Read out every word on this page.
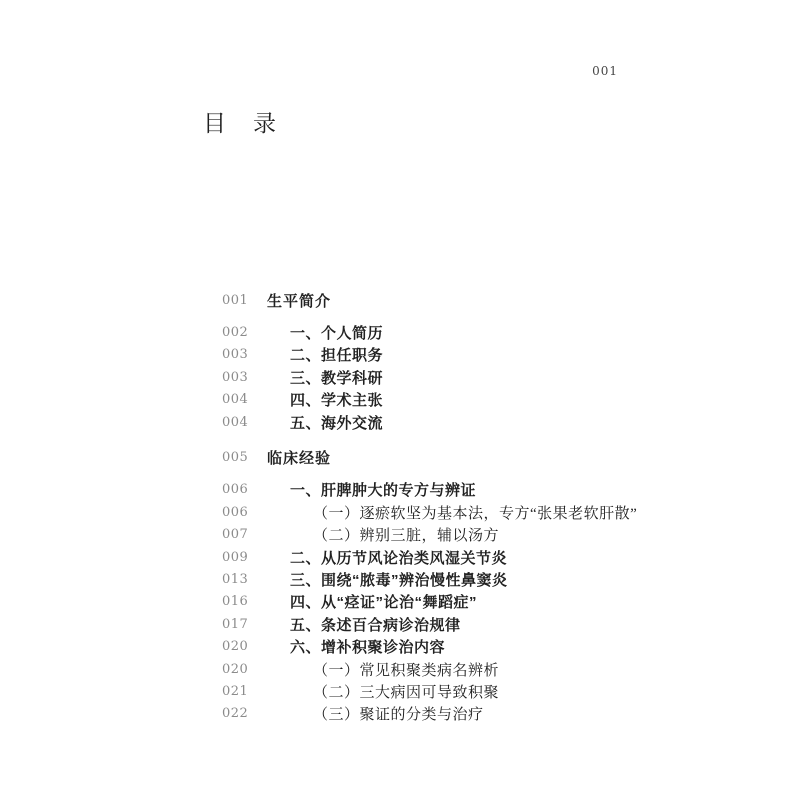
001
目　录
001 生平简介
002	一、个人简历
003	二、担任职务
003	三、教学科研
004	四、学术主张
004	五、海外交流
005 临床经验
006	一、肝脾肿大的专方与辨证
006	（一）逐瘀软坚为基本法，专方“张果老软肝散”
007	（二）辨别三脏，辅以汤方
009	二、从历节风论治类风湿关节炎
013	三、围绕“脓毒”辨治慢性鼻窦炎
016	四、从“痉证”论治“舞蹈症”
017	五、条述百合病诊治规律
020	六、增补积聚诊治内容
020	（一）常见积聚类病名辨析
021	（二）三大病因可导致积聚
022	（三）聚证的分类与治疗
